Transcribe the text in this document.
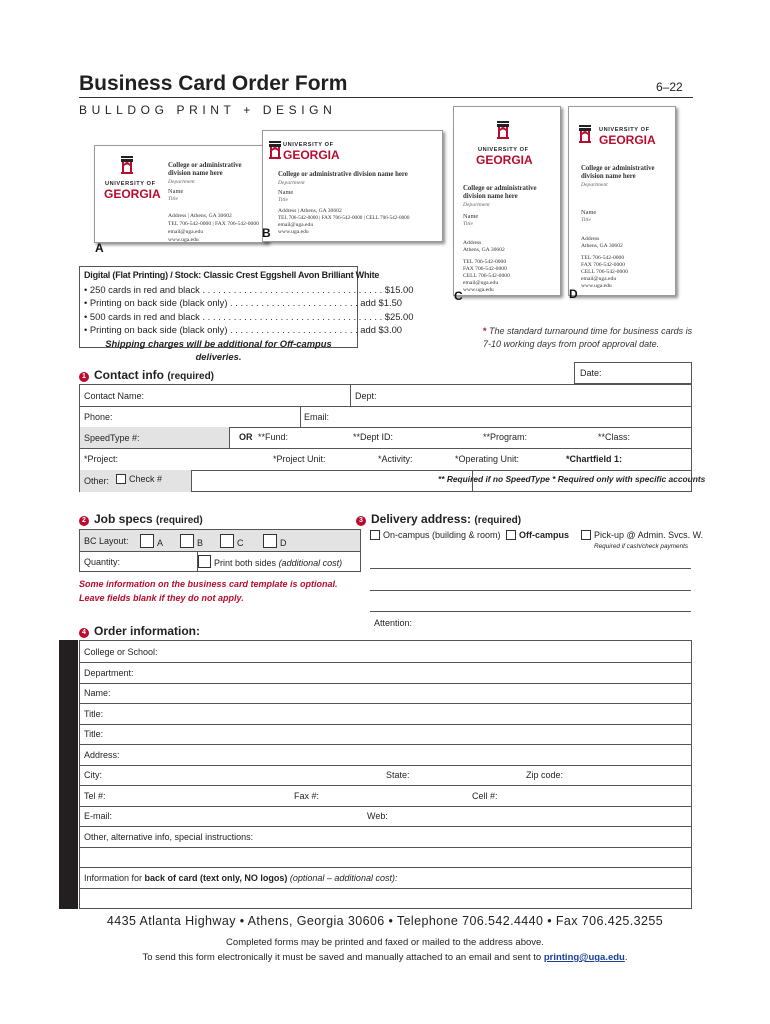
Business Card Order Form	6–22
BULLDOG PRINT + DESIGN
UNIVERSITY OF
GEORGIA
College or administrative
division name here
Department
Name
Title
Address | Athens, GA 30602
TEL 706-542-0000 | FAX 706-542-0000
email@uga.edu
www.uga.edu
A
UNIVERSITY OF
GEORGIA
College or administrative division name here
Department
Name
Title
Address | Athens, GA 30602
TEL 706-542-0000 | FAX 706-542-0000 | CELL 706-542-0000
email@uga.edu
www.uga.edu
B
UNIVERSITY OF
GEORGIA
College or administrative
division name here
Department
Name
Title
Address
Athens, GA 30602
TEL 706-542-0000
FAX 706-542-0000
CELL 706-542-0000
email@uga.edu
www.uga.edu
C
UNIVERSITY OF
GEORGIA
College or administrative
division name here
Department
Name
Title
Address
Athens, GA 30602
TEL 706-542-0000
FAX 706-542-0000
CELL 706-542-0000
email@uga.edu
www.uga.edu
D
Digital (Flat Printing) / Stock: Classic Crest Eggshell Avon Brilliant White
• 250 cards in red and black . . . . . . . . . . . . . . . . . . . . . . . . . . . . . . . . . . . $15.00
• Printing on back side (black only) . . . . . . . . . . . . . . . . . . . . . . . . . add $1.50
• 500 cards in red and black . . . . . . . . . . . . . . . . . . . . . . . . . . . . . . . . . . . $25.00
• Printing on back side (black only) . . . . . . . . . . . . . . . . . . . . . . . . . add $3.00
Shipping charges will be additional for Off-campus deliveries.
* The standard turnaround time for business cards is 7-10 working days from proof approval date.
1 Contact info (required)	Date:
Contact Name:	Dept:
Phone:	Email:
SpeedType #:	OR **Fund:	**Dept ID:	**Program:	**Class:
*Project:	*Project Unit:	*Activity:	*Operating Unit:	*Chartfield 1:
Other:	Check #	** Required if no SpeedType * Required only with specific accounts
2 Job specs (required)
BC Layout:	A	B	C	D
Quantity:	Print both sides (additional cost)
Some information on the business card template is optional.
Leave fields blank if they do not apply.
3 Delivery address: (required)
On-campus (building & room)	Off-campus	Pick-up @ Admin. Svcs. W.
Required if cash/check payments
Attention:
4 Order information:
ORDER
College or School:
Department:
Name:
Title:
Title:
Address:
City:	State:	Zip code:
Tel #:	Fax #:	Cell #:
E-mail:	Web:
Other, alternative info, special instructions:
Information for back of card (text only, NO logos) (optional – additional cost):
4435 Atlanta Highway • Athens, Georgia 30606 • Telephone 706.542.4440 • Fax 706.425.3255
Completed forms may be printed and faxed or mailed to the address above.
To send this form electronically it must be saved and manually attached to an email and sent to printing@uga.edu.
